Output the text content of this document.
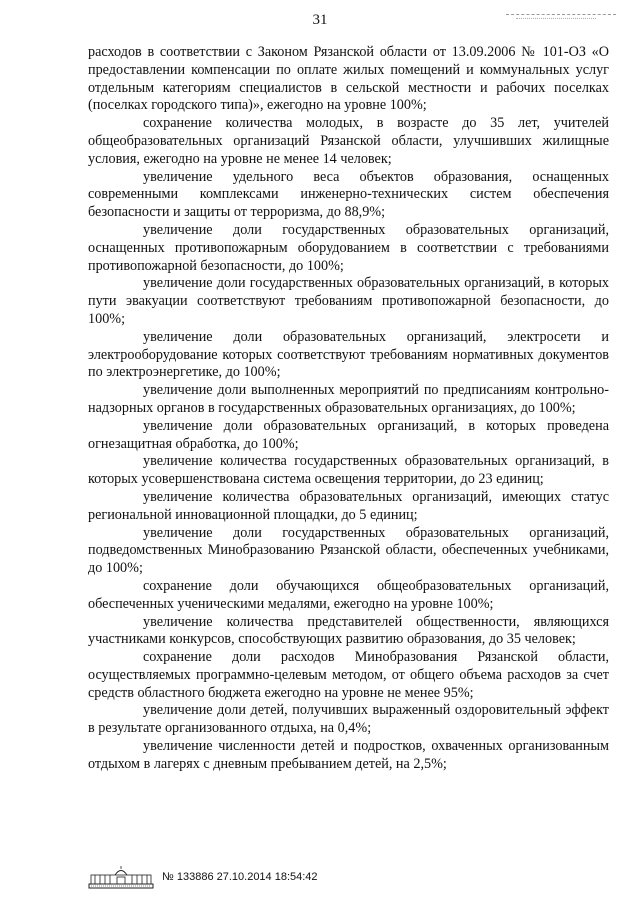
31

расходов в соответствии с Законом Рязанской области от 13.09.2006 № 101-ОЗ «О предоставлении компенсации по оплате жилых помещений и коммунальных услуг отдельным категориям специалистов в сельской местности и рабочих поселках (поселках городского типа)», ежегодно на уровне 100%;

сохранение количества молодых, в возрасте до 35 лет, учителей общеобразовательных организаций Рязанской области, улучшивших жилищные условия, ежегодно на уровне не менее 14 человек;

увеличение удельного веса объектов образования, оснащенных современными комплексами инженерно-технических систем обеспечения безопасности и защиты от терроризма, до 88,9%;

увеличение доли государственных образовательных организаций, оснащенных противопожарным оборудованием в соответствии с требованиями противопожарной безопасности, до 100%;

увеличение доли государственных образовательных организаций, в которых пути эвакуации соответствуют требованиям противопожарной безопасности, до 100%;

увеличение доли образовательных организаций, электросети и электрооборудование которых соответствуют требованиям нормативных документов по электроэнергетике, до 100%;

увеличение доли выполненных мероприятий по предписаниям контрольно-надзорных органов в государственных образовательных организациях, до 100%;

увеличение доли образовательных организаций, в которых проведена огнезащитная обработка, до 100%;

увеличение количества государственных образовательных организаций, в которых усовершенствована система освещения территории, до 23 единиц;

увеличение количества образовательных организаций, имеющих статус региональной инновационной площадки, до 5 единиц;

увеличение доли государственных образовательных организаций, подведомственных Минобразованию Рязанской области, обеспеченных учебниками, до 100%;

сохранение доли обучающихся общеобразовательных организаций, обеспеченных ученическими медалями, ежегодно на уровне 100%;

увеличение количества представителей общественности, являющихся участниками конкурсов, способствующих развитию образования, до 35 человек;

сохранение доли расходов Минобразования Рязанской области, осуществляемых программно-целевым методом, от общего объема расходов за счет средств областного бюджета ежегодно на уровне не менее 95%;

увеличение доли детей, получивших выраженный оздоровительный эффект в результате организованного отдыха, на 0,4%;

увеличение численности детей и подростков, охваченных организованным отдыхом в лагерях с дневным пребыванием детей, на 2,5%;

№ 133886 27.10.2014 18:54:42
